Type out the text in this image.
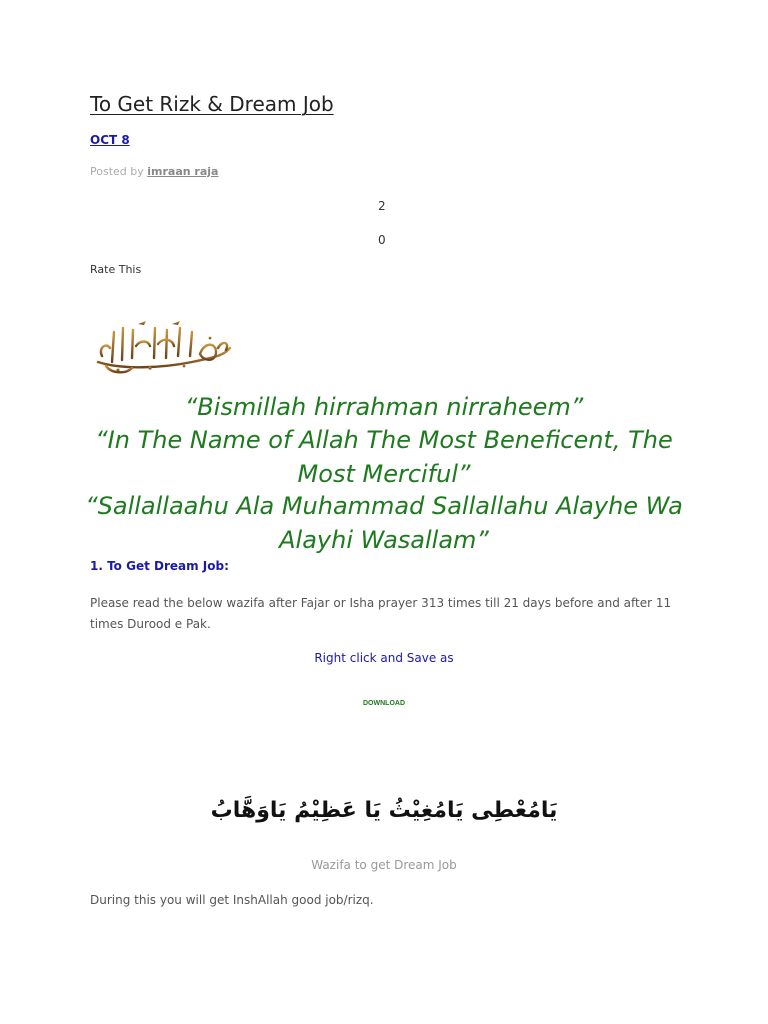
To Get Rizk & Dream Job
OCT 8
Posted by imraan raja
2
0
Rate This

“Bismillah hirrahman nirraheem”

“In The Name of Allah The Most Beneficent, The Most Merciful”

“Sallallaahu Ala Muhammad Sallallahu Alayhe Wa Alayhi Wasallam”

1. To Get Dream Job:

Please read the below wazifa after Fajar or Isha prayer 313 times till 21 days before and after 11 times Durood e Pak.

Right click and Save as
DOWNLOAD
يَامُعْطِى يَامُغِيْثُ يَا عَظِيْمُ يَاوَهَّابُ
Wazifa to get Dream Job
During this you will get InshAllah good job/rizq.
